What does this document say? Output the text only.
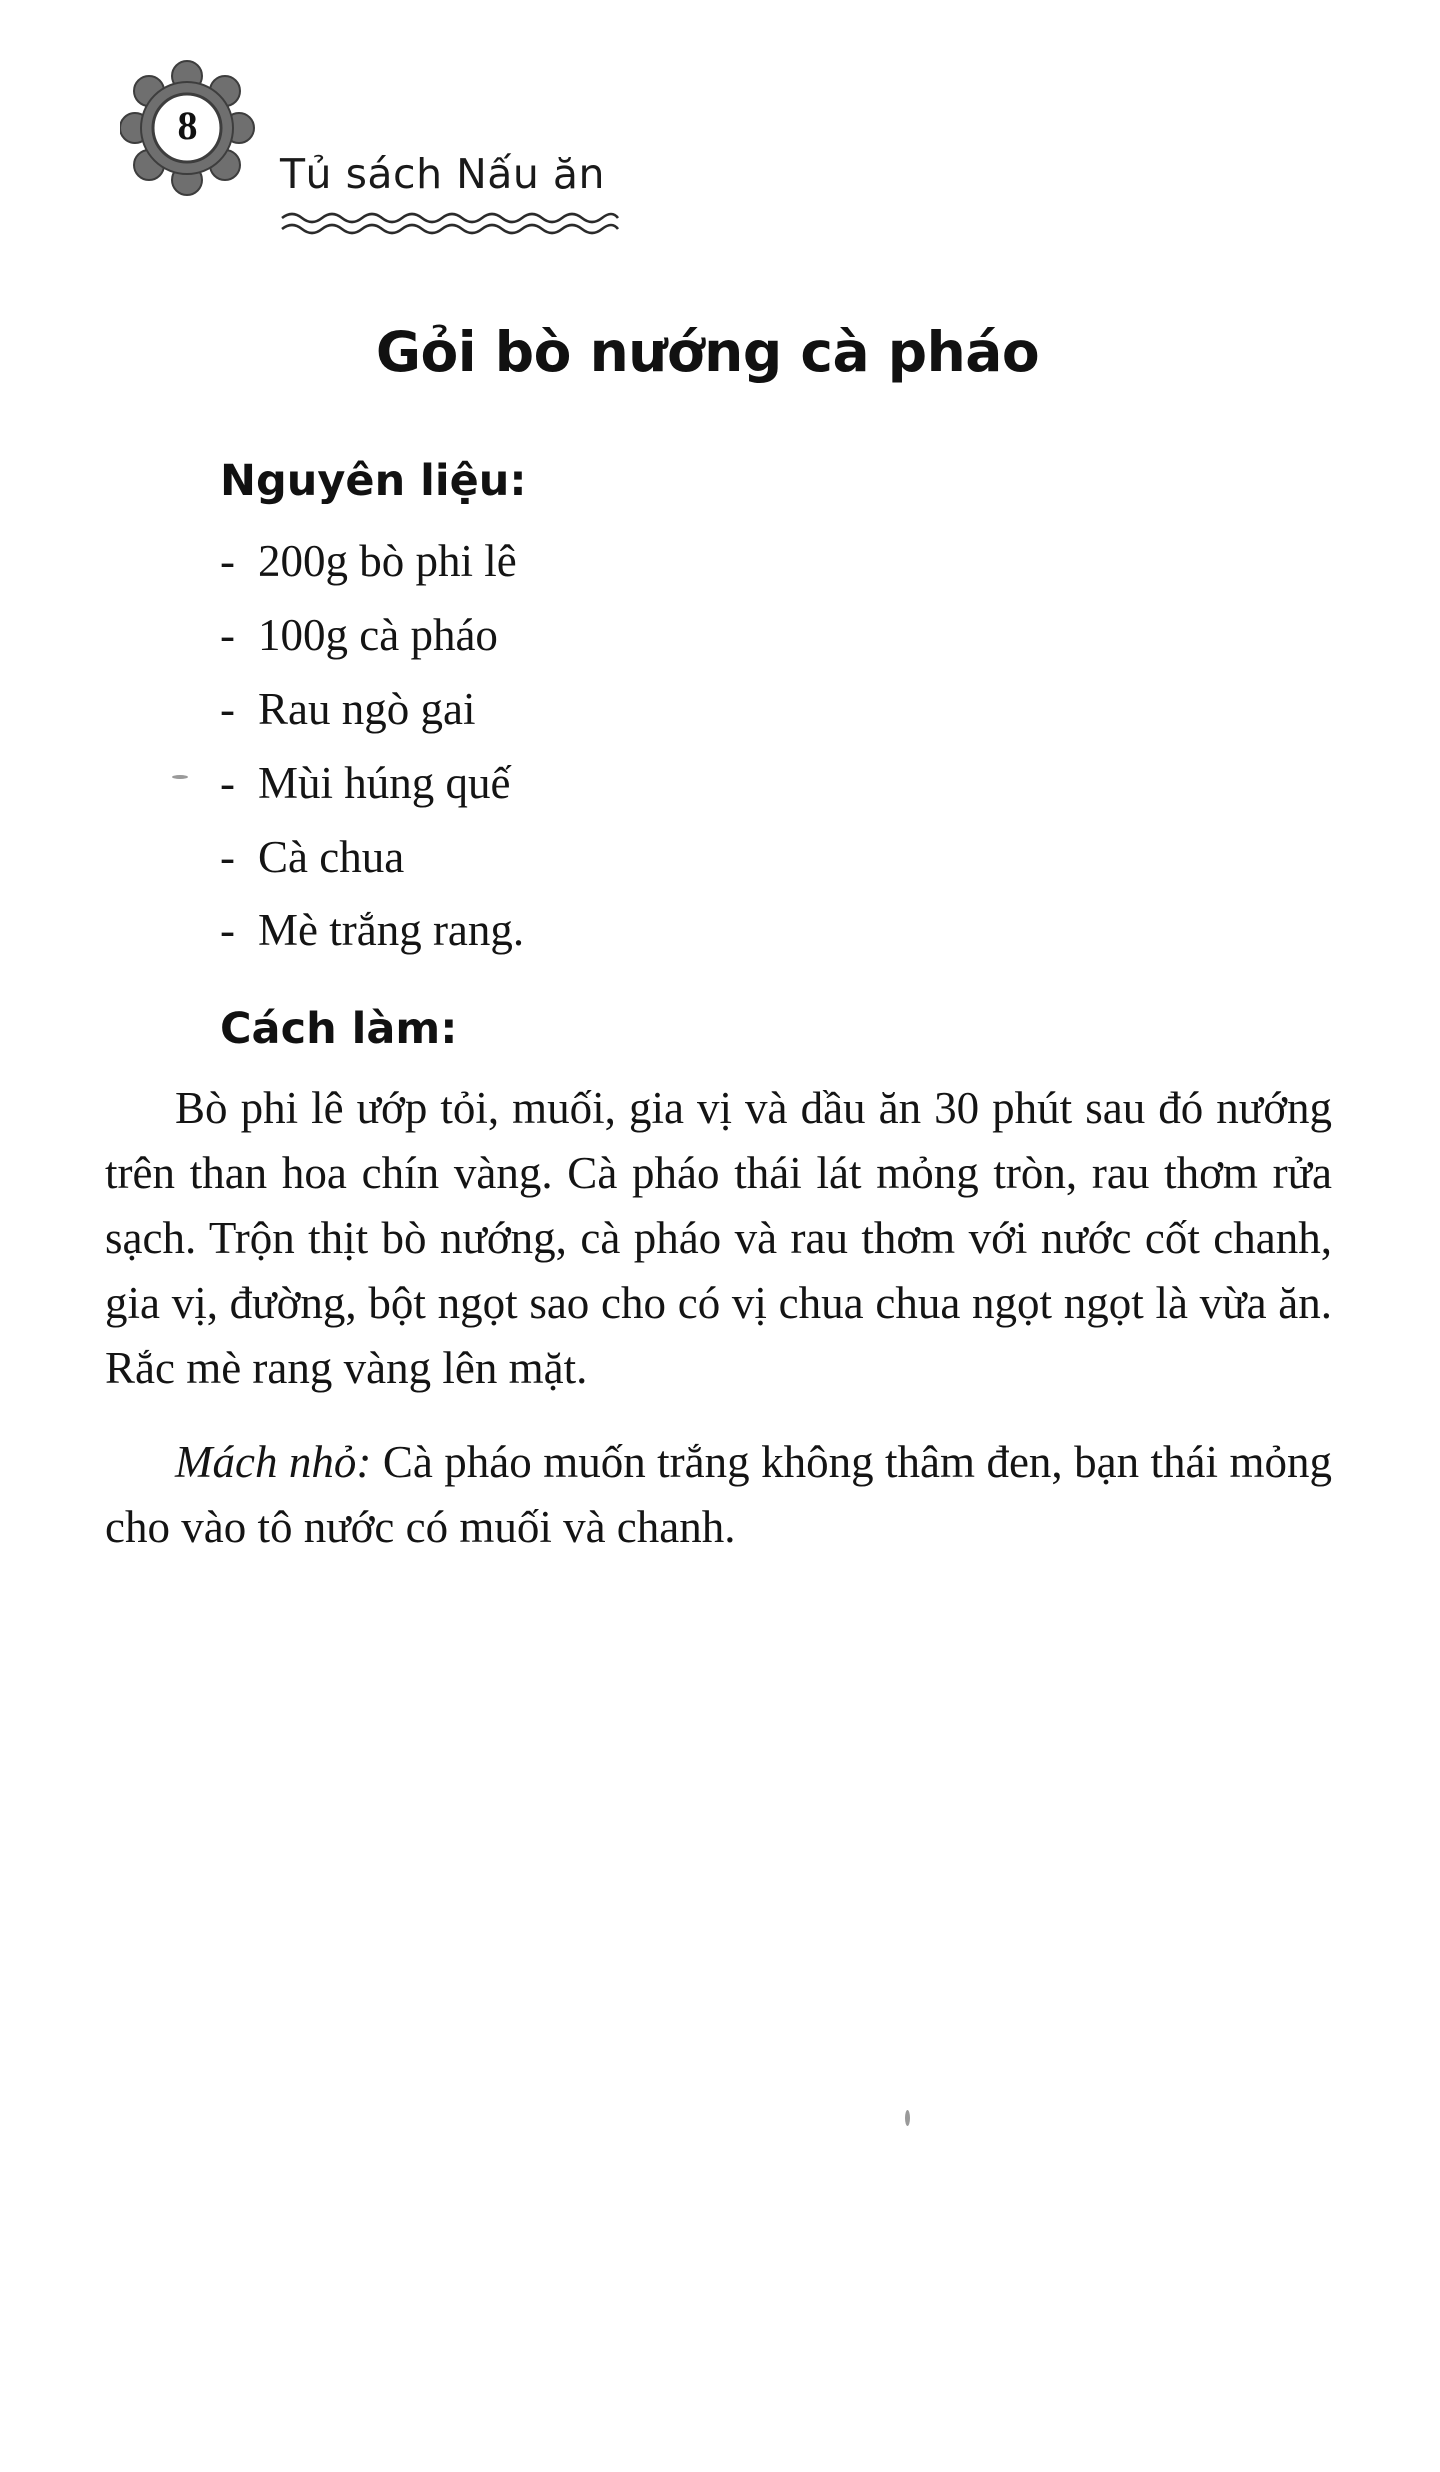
8
Tủ sách Nấu ăn
Gỏi bò nướng cà pháo
Nguyên liệu:
- 200g bò phi lê
- 100g cà pháo
- Rau ngò gai
- Mùi húng quế
- Cà chua
- Mè trắng rang.
Cách làm:

Bò phi lê ướp tỏi, muối, gia vị và dầu ăn 30 phút sau đó nướng trên than hoa chín vàng. Cà pháo thái lát mỏng tròn, rau thơm rửa sạch. Trộn thịt bò nướng, cà pháo và rau thơm với nước cốt chanh, gia vị, đường, bột ngọt sao cho có vị chua chua ngọt ngọt là vừa ăn. Rắc mè rang vàng lên mặt.

Mách nhỏ: Cà pháo muốn trắng không thâm đen, bạn thái mỏng cho vào tô nước có muối và chanh.
